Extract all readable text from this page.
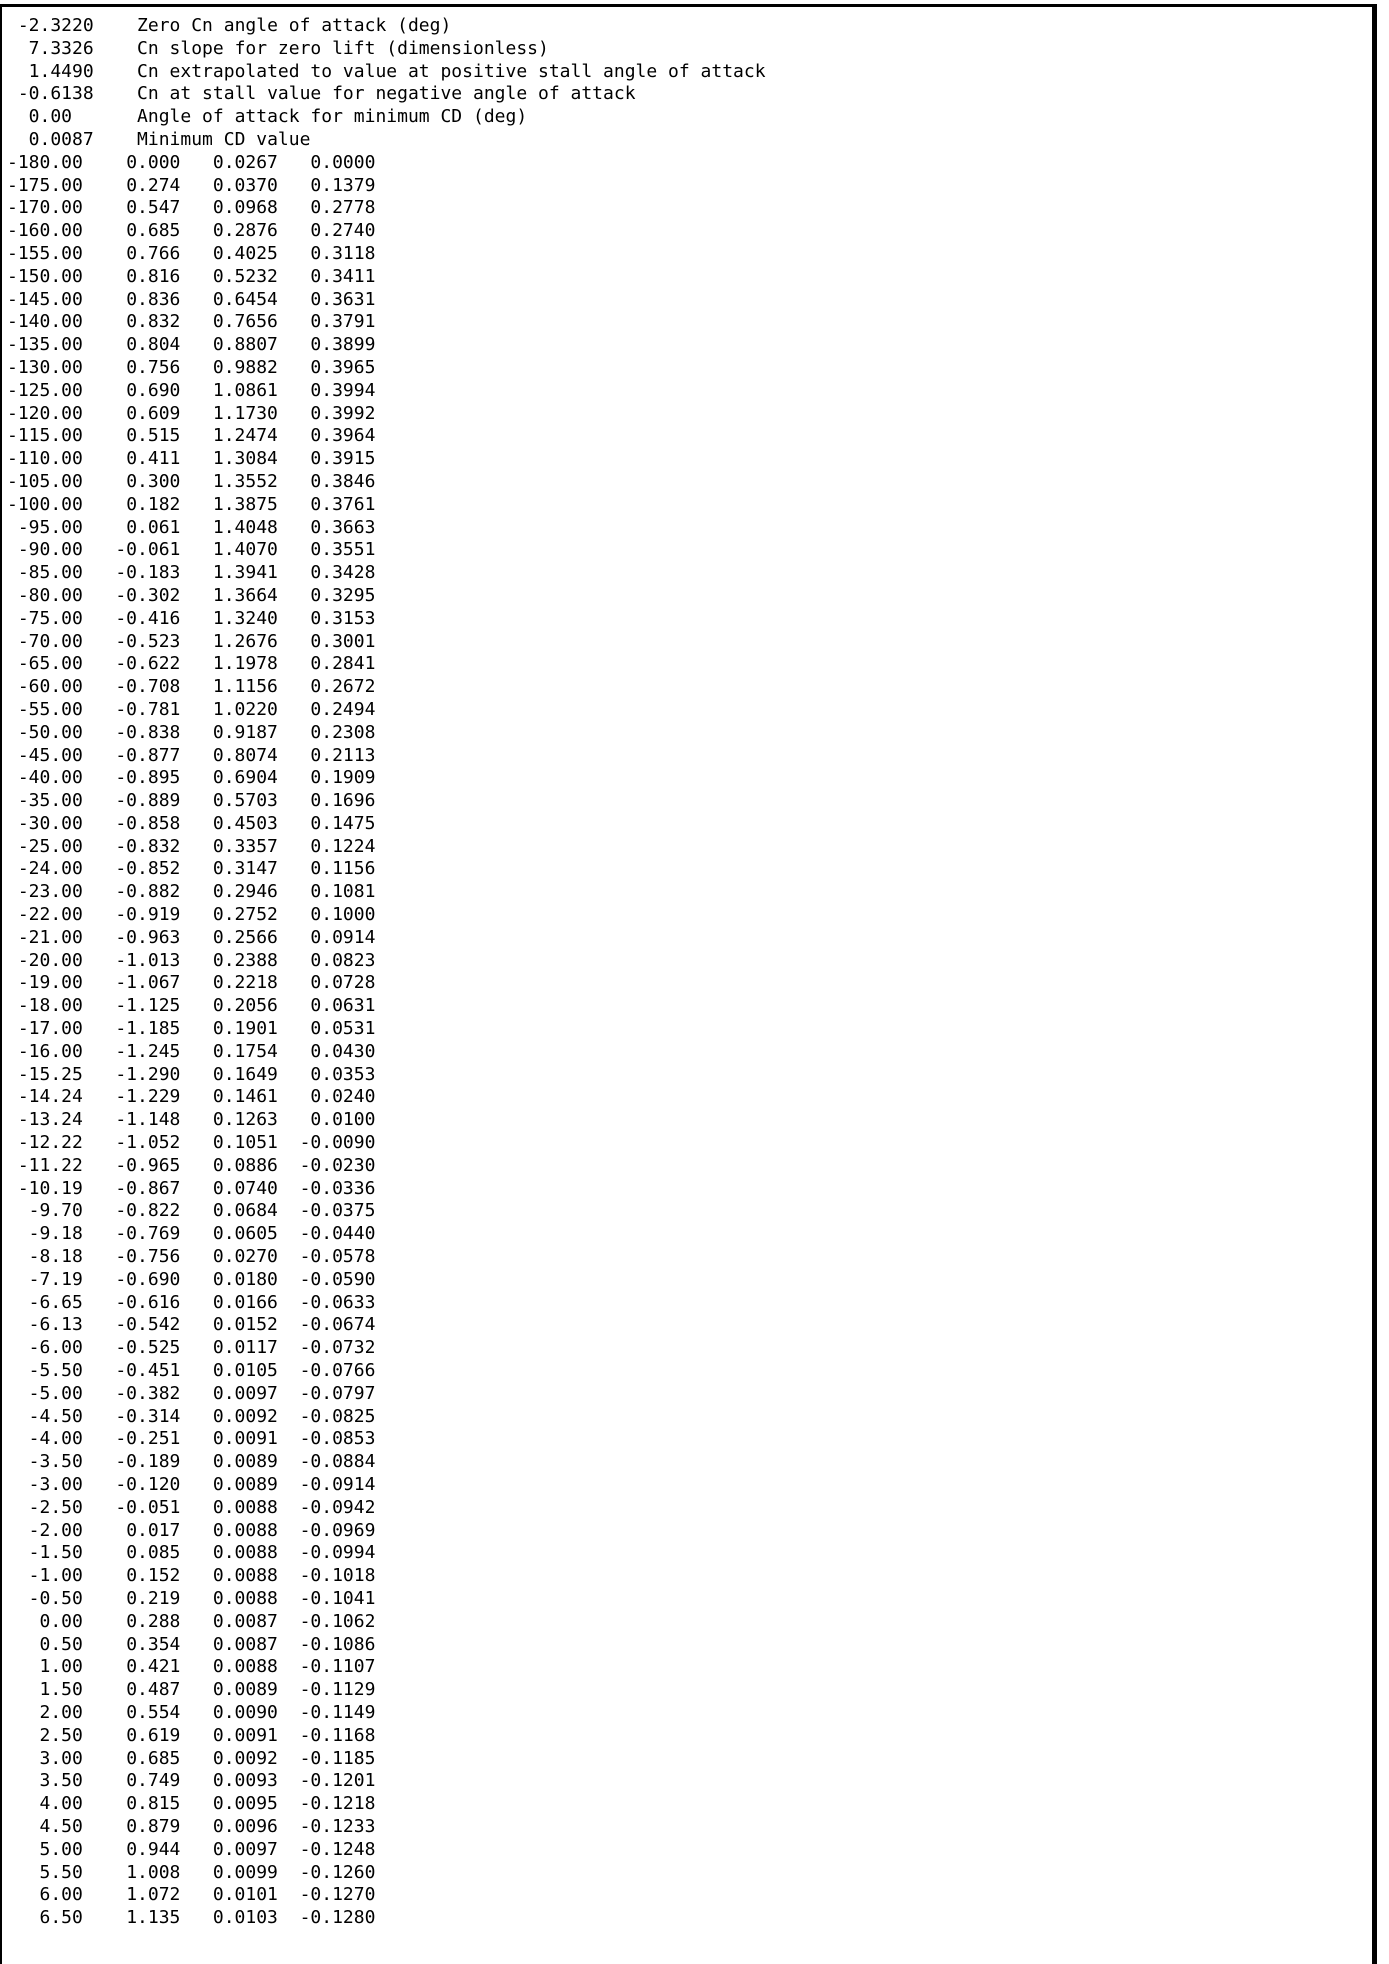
-2.3220 Zero Cn angle of attack (deg)
7.3326 Cn slope for zero lift (dimensionless)
1.4490 Cn extrapolated to value at positive stall angle of attack
-0.6138 Cn at stall value for negative angle of attack
0.00	Angle of attack for minimum CD (deg)
0.0087 Minimum CD value
-180.00 0.000 0.0267 0.0000
-175.00 0.274 0.0370 0.1379
-170.00 0.547 0.0968 0.2778
-160.00 0.685 0.2876 0.2740
-155.00 0.766 0.4025 0.3118
-150.00 0.816 0.5232 0.3411
-145.00 0.836 0.6454 0.3631
-140.00 0.832 0.7656 0.3791
-135.00 0.804 0.8807 0.3899
-130.00 0.756 0.9882 0.3965
-125.00 0.690 1.0861 0.3994
-120.00 0.609 1.1730 0.3992
-115.00 0.515 1.2474 0.3964
-110.00 0.411 1.3084 0.3915
-105.00 0.300 1.3552 0.3846
-100.00 0.182 1.3875 0.3761
-95.00 0.061 1.4048 0.3663
-90.00 -0.061 1.4070 0.3551
-85.00 -0.183 1.3941 0.3428
-80.00 -0.302 1.3664 0.3295
-75.00 -0.416 1.3240 0.3153
-70.00 -0.523 1.2676 0.3001
-65.00 -0.622 1.1978 0.2841
-60.00 -0.708 1.1156 0.2672
-55.00 -0.781 1.0220 0.2494
-50.00 -0.838 0.9187 0.2308
-45.00 -0.877 0.8074 0.2113
-40.00 -0.895 0.6904 0.1909
-35.00 -0.889 0.5703 0.1696
-30.00 -0.858 0.4503 0.1475
-25.00 -0.832 0.3357 0.1224
-24.00 -0.852 0.3147 0.1156
-23.00 -0.882 0.2946 0.1081
-22.00 -0.919 0.2752 0.1000
-21.00 -0.963 0.2566 0.0914
-20.00 -1.013 0.2388 0.0823
-19.00 -1.067 0.2218 0.0728
-18.00 -1.125 0.2056 0.0631
-17.00 -1.185 0.1901 0.0531
-16.00 -1.245 0.1754 0.0430
-15.25 -1.290 0.1649 0.0353
-14.24 -1.229 0.1461 0.0240
-13.24 -1.148 0.1263 0.0100
-12.22 -1.052 0.1051 -0.0090
-11.22 -0.965 0.0886 -0.0230
-10.19 -0.867 0.0740 -0.0336
-9.70 -0.822 0.0684 -0.0375
-9.18 -0.769 0.0605 -0.0440
-8.18 -0.756 0.0270 -0.0578
-7.19 -0.690 0.0180 -0.0590
-6.65 -0.616 0.0166 -0.0633
-6.13 -0.542 0.0152 -0.0674
-6.00 -0.525 0.0117 -0.0732
-5.50 -0.451 0.0105 -0.0766
-5.00 -0.382 0.0097 -0.0797
-4.50 -0.314 0.0092 -0.0825
-4.00 -0.251 0.0091 -0.0853
-3.50 -0.189 0.0089 -0.0884
-3.00 -0.120 0.0089 -0.0914
-2.50 -0.051 0.0088 -0.0942
-2.00 0.017 0.0088 -0.0969
-1.50 0.085 0.0088 -0.0994
-1.00 0.152 0.0088 -0.1018
-0.50 0.219 0.0088 -0.1041
0.00 0.288 0.0087 -0.1062
0.50 0.354 0.0087 -0.1086
1.00 0.421 0.0088 -0.1107
1.50 0.487 0.0089 -0.1129
2.00 0.554 0.0090 -0.1149
2.50 0.619 0.0091 -0.1168
3.00 0.685 0.0092 -0.1185
3.50 0.749 0.0093 -0.1201
4.00 0.815 0.0095 -0.1218
4.50 0.879 0.0096 -0.1233
5.00 0.944 0.0097 -0.1248
5.50 1.008 0.0099 -0.1260
6.00 1.072 0.0101 -0.1270
6.50 1.135 0.0103 -0.1280
